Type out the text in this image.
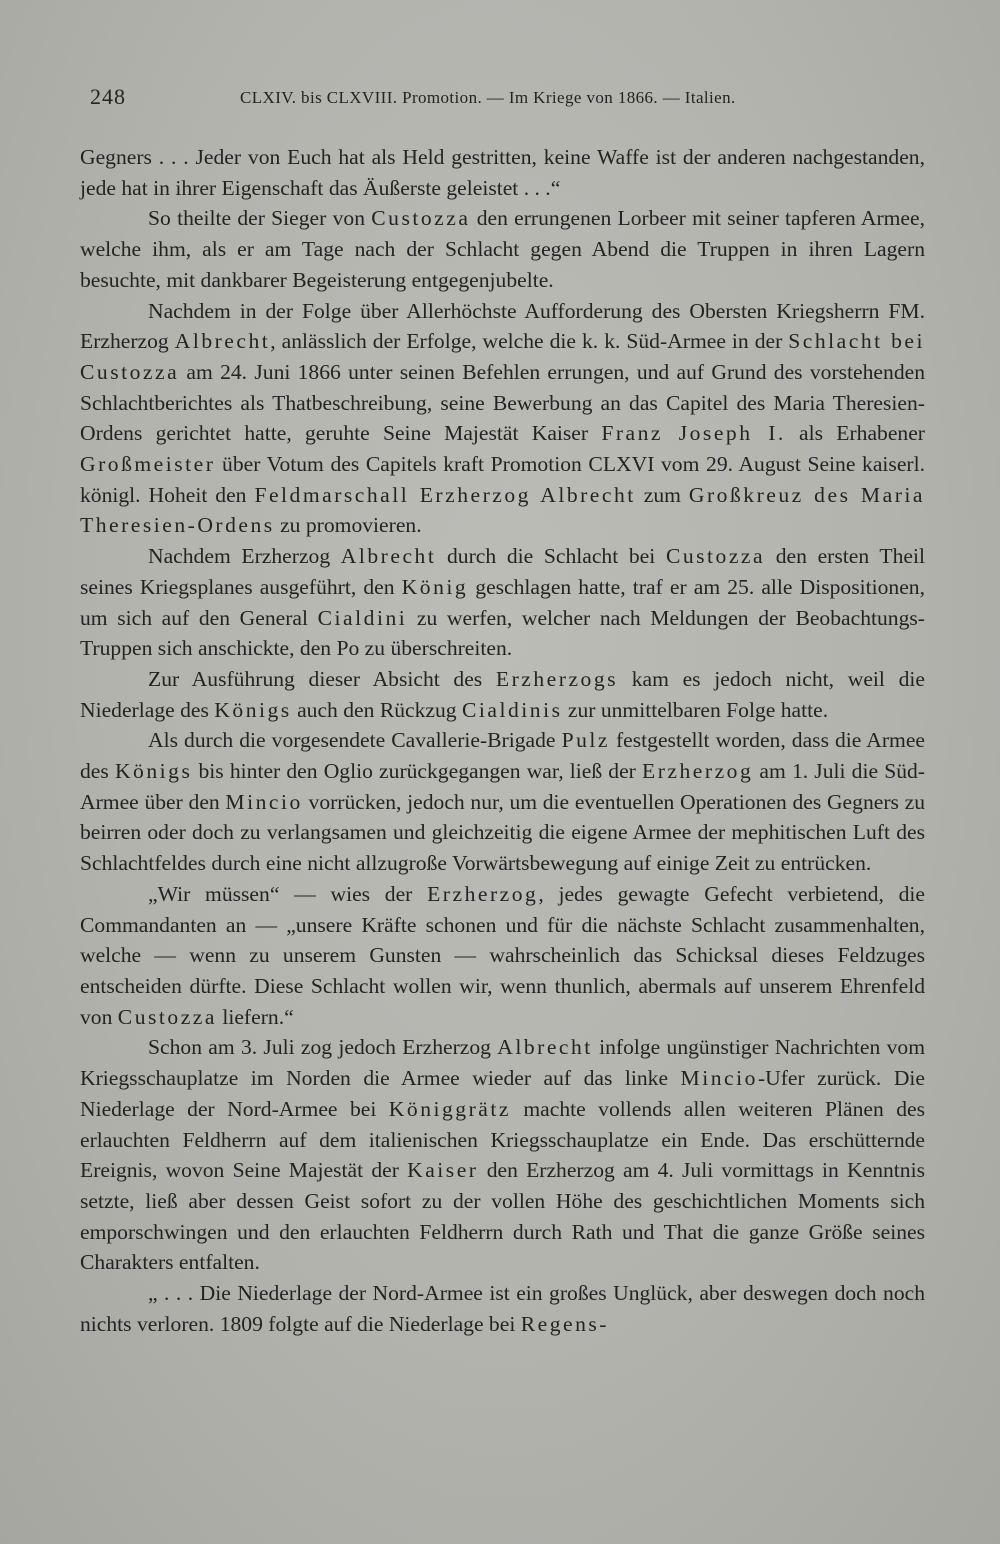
248	CLXIV. bis CLXVIII. Promotion. — Im Kriege von 1866. — Italien.

Gegners . . . Jeder von Euch hat als Held gestritten, keine Waffe ist der anderen nachgestanden, jede hat in ihrer Eigenschaft das Äußerste geleistet . . .“

So theilte der Sieger von Custozza den errungenen Lorbeer mit seiner tapferen Armee, welche ihm, als er am Tage nach der Schlacht gegen Abend die Truppen in ihren Lagern besuchte, mit dankbarer Begeisterung entgegenjubelte.

Nachdem in der Folge über Allerhöchste Aufforderung des Obersten Kriegsherrn FM. Erzherzog Albrecht, anlässlich der Erfolge, welche die k. k. Süd-Armee in der Schlacht bei Custozza am 24. Juni 1866 unter seinen Befehlen errungen, und auf Grund des vorstehenden Schlachtberichtes als Thatbeschreibung, seine Bewerbung an das Capitel des Maria Theresien-Ordens gerichtet hatte, geruhte Seine Majestät Kaiser Franz Joseph I. als Erhabener Großmeister über Votum des Capitels kraft Promotion CLXVI vom 29. August Seine kaiserl. königl. Hoheit den Feldmarschall Erzherzog Albrecht zum Großkreuz des Maria Theresien-Ordens zu promovieren.

Nachdem Erzherzog Albrecht durch die Schlacht bei Custozza den ersten Theil seines Kriegsplanes ausgeführt, den König geschlagen hatte, traf er am 25. alle Dispositionen, um sich auf den General Cialdini zu werfen, welcher nach Meldungen der Beobachtungs-Truppen sich anschickte, den Po zu überschreiten.

Zur Ausführung dieser Absicht des Erzherzogs kam es jedoch nicht, weil die Niederlage des Königs auch den Rückzug Cialdinis zur unmittelbaren Folge hatte.

Als durch die vorgesendete Cavallerie-Brigade Pulz festgestellt worden, dass die Armee des Königs bis hinter den Oglio zurückgegangen war, ließ der Erzherzog am 1. Juli die Süd-Armee über den Mincio vorrücken, jedoch nur, um die eventuellen Operationen des Gegners zu beirren oder doch zu verlangsamen und gleichzeitig die eigene Armee der mephitischen Luft des Schlachtfeldes durch eine nicht allzugroße Vorwärtsbewegung auf einige Zeit zu entrücken.

„Wir müssen“ — wies der Erzherzog, jedes gewagte Gefecht verbietend, die Commandanten an — „unsere Kräfte schonen und für die nächste Schlacht zusammenhalten, welche — wenn zu unserem Gunsten — wahrscheinlich das Schicksal dieses Feldzuges entscheiden dürfte. Diese Schlacht wollen wir, wenn thunlich, abermals auf unserem Ehrenfeld von Custozza liefern.“

Schon am 3. Juli zog jedoch Erzherzog Albrecht infolge ungünstiger Nachrichten vom Kriegsschauplatze im Norden die Armee wieder auf das linke Mincio-Ufer zurück. Die Niederlage der Nord-Armee bei Königgrätz machte vollends allen weiteren Plänen des erlauchten Feldherrn auf dem italienischen Kriegsschauplatze ein Ende. Das erschütternde Ereignis, wovon Seine Majestät der Kaiser den Erzherzog am 4. Juli vormittags in Kenntnis setzte, ließ aber dessen Geist sofort zu der vollen Höhe des geschichtlichen Moments sich emporschwingen und den erlauchten Feldherrn durch Rath und That die ganze Größe seines Charakters entfalten.

„ . . . Die Niederlage der Nord-Armee ist ein großes Unglück, aber deswegen doch noch nichts verloren. 1809 folgte auf die Niederlage bei Regens-
